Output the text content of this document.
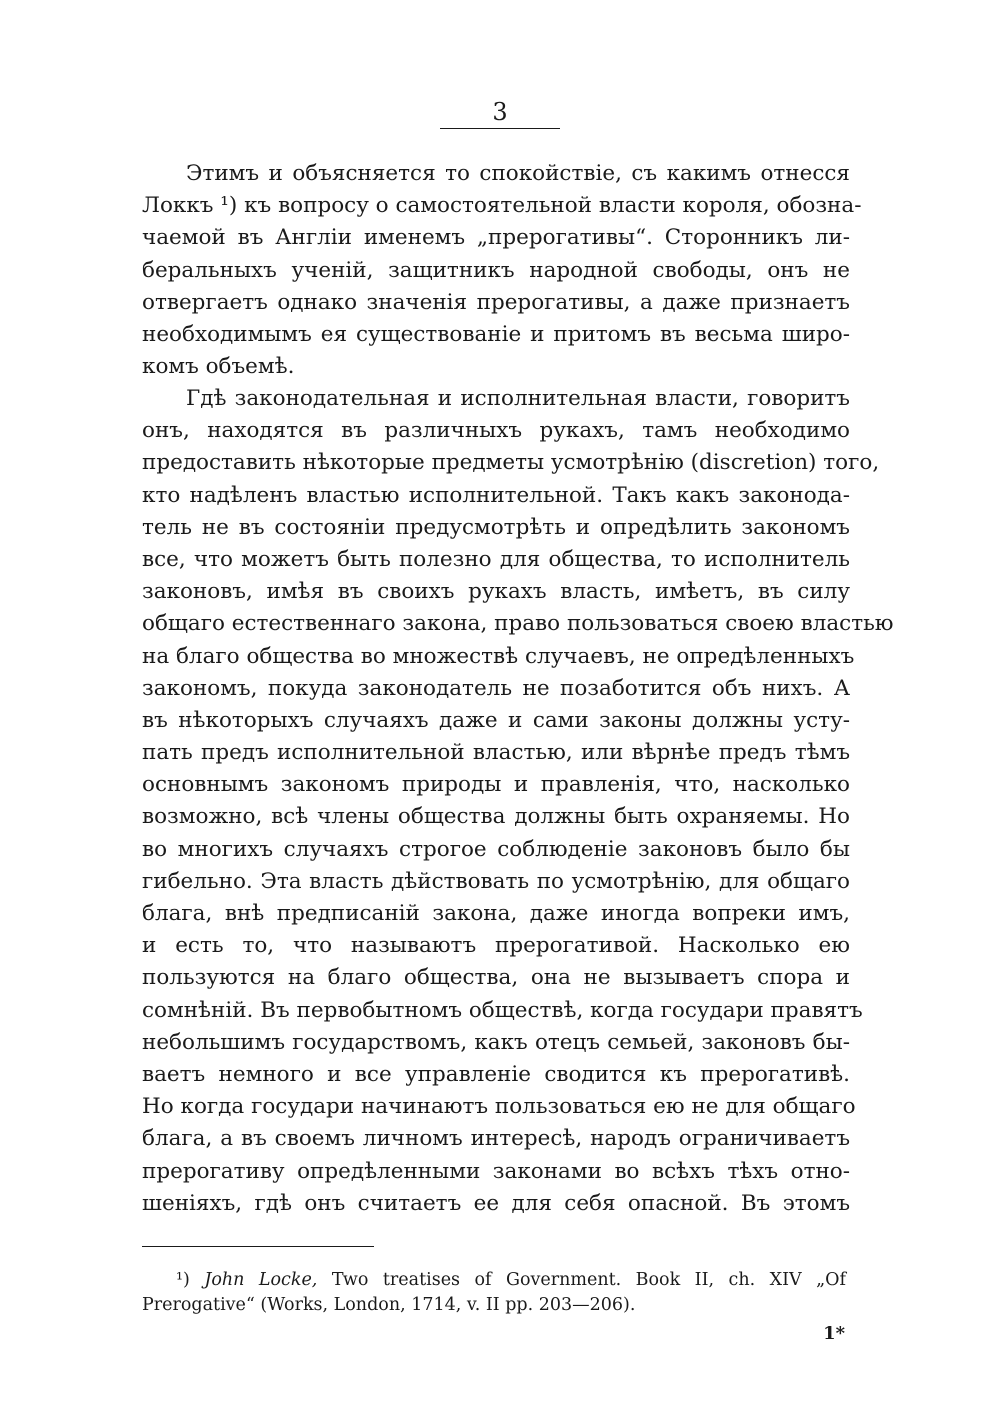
3
Этимъ и объясняется то спокойствіе, съ какимъ отнесся
Локкъ ¹) къ вопросу о самостоятельной власти короля, обозна-
чаемой въ Англіи именемъ „прерогативы“. Сторонникъ ли-
беральныхъ ученій, защитникъ народной свободы, онъ не
отвергаетъ однако значенія прерогативы, а даже признаетъ
необходимымъ ея существованіе и притомъ въ весьма широ-
комъ объемѣ.
Гдѣ законодательная и исполнительная власти, говоритъ
онъ, находятся въ различныхъ рукахъ, тамъ необходимо
предоставить нѣкоторые предметы усмотрѣнію (discretion) того,
кто надѣленъ властью исполнительной. Такъ какъ законода-
тель не въ состояніи предусмотрѣть и опредѣлить закономъ
все, что можетъ быть полезно для общества, то исполнитель
законовъ, имѣя въ своихъ рукахъ власть, имѣетъ, въ силу
общаго естественнаго закона, право пользоваться своею властью
на благо общества во множествѣ случаевъ, не опредѣленныхъ
закономъ, покуда законодатель не позаботится объ нихъ. А
въ нѣкоторыхъ случаяхъ даже и сами законы должны усту-
пать предъ исполнительной властью, или вѣрнѣе предъ тѣмъ
основнымъ закономъ природы и правленія, что, насколько
возможно, всѣ члены общества должны быть охраняемы. Но
во многихъ случаяхъ строгое соблюденіе законовъ было бы
гибельно. Эта власть дѣйствовать по усмотрѣнію, для общаго
блага, внѣ предписаній закона, даже иногда вопреки имъ,
и есть то, что называютъ прерогативой. Насколько ею
пользуются на благо общества, она не вызываетъ спора и
сомнѣній. Въ первобытномъ обществѣ, когда государи правятъ
небольшимъ государствомъ, какъ отецъ семьей, законовъ бы-
ваетъ немного и все управленіе сводится къ прерогативѣ.
Но когда государи начинаютъ пользоваться ею не для общаго
блага, а въ своемъ личномъ интересѣ, народъ ограничиваетъ
прерогативу опредѣленными законами во всѣхъ тѣхъ отно-
шеніяхъ, гдѣ онъ считаетъ ее для себя опасной. Въ этомъ
¹) John Locke, Two treatises of Government. Book II, ch. XIV „Of
Prerogative“ (Works, London, 1714, v. II pp. 203—206).
1*
